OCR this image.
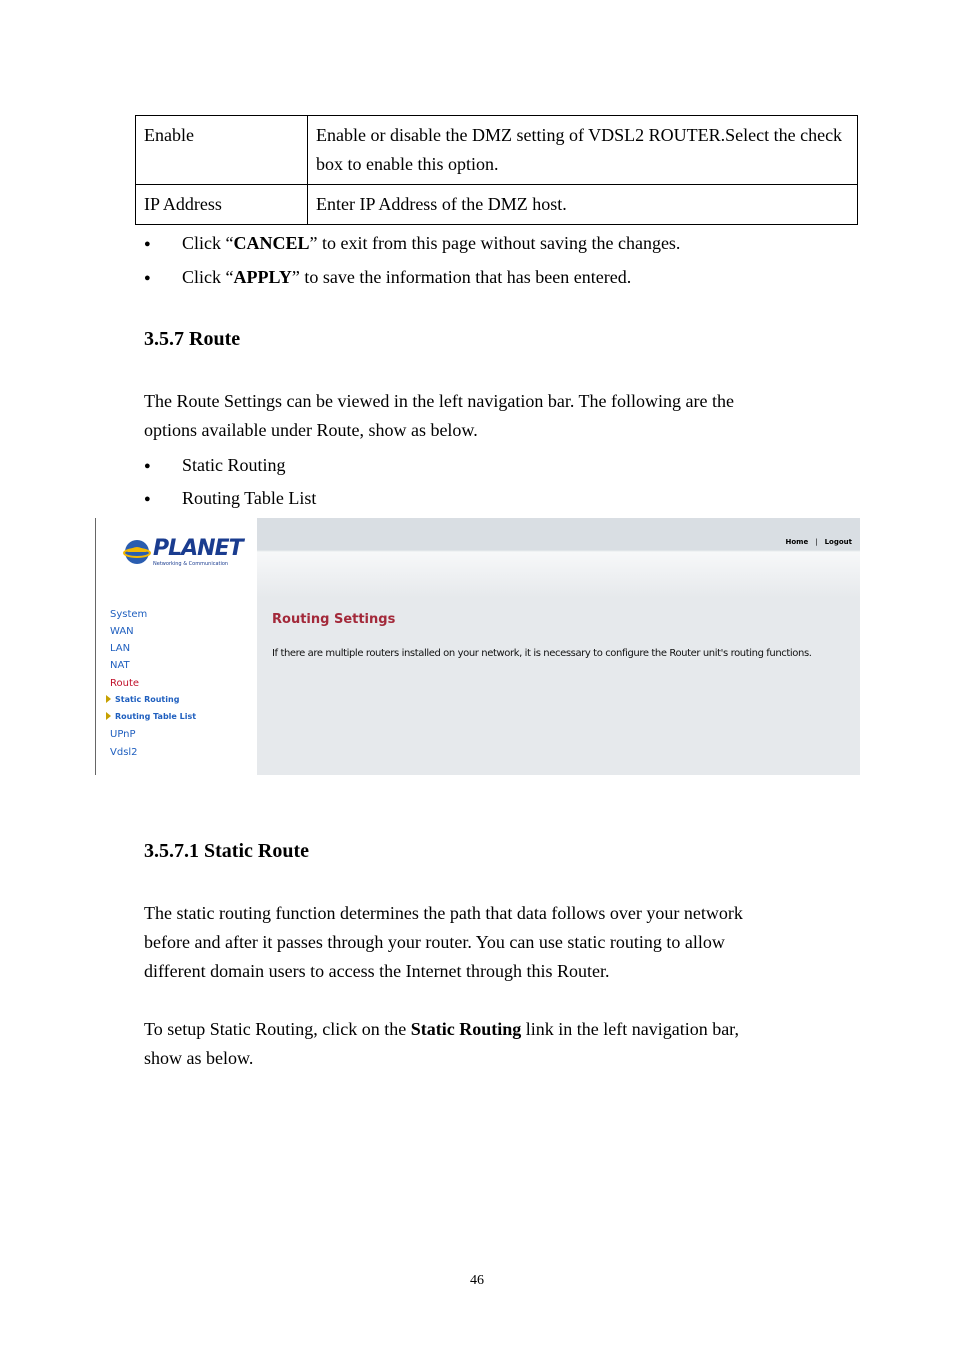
Enable	Enable or disable the DMZ setting of VDSL2 ROUTER.Select the check box to enable this option.
IP Address	Enter IP Address of the DMZ host.
● Click “CANCEL” to exit from this page without saving the changes.
● Click “APPLY” to save the information that has been entered.
3.5.7 Route
The Route Settings can be viewed in the left navigation bar. The following are the
options available under Route, show as below.
● Static Routing
● Routing Table List
PLANET
Networking & Communication
System
WAN
LAN
NAT
Route
Static Routing
Routing Table List
UPnP
Vdsl2
Home | Logout
Routing Settings
If there are multiple routers installed on your network, it is necessary to configure the Router unit's routing functions.
3.5.7.1 Static Route
The static routing function determines the path that data follows over your network
before and after it passes through your router. You can use static routing to allow
different domain users to access the Internet through this Router.
To setup Static Routing, click on the Static Routing link in the left navigation bar,
show as below.
46
